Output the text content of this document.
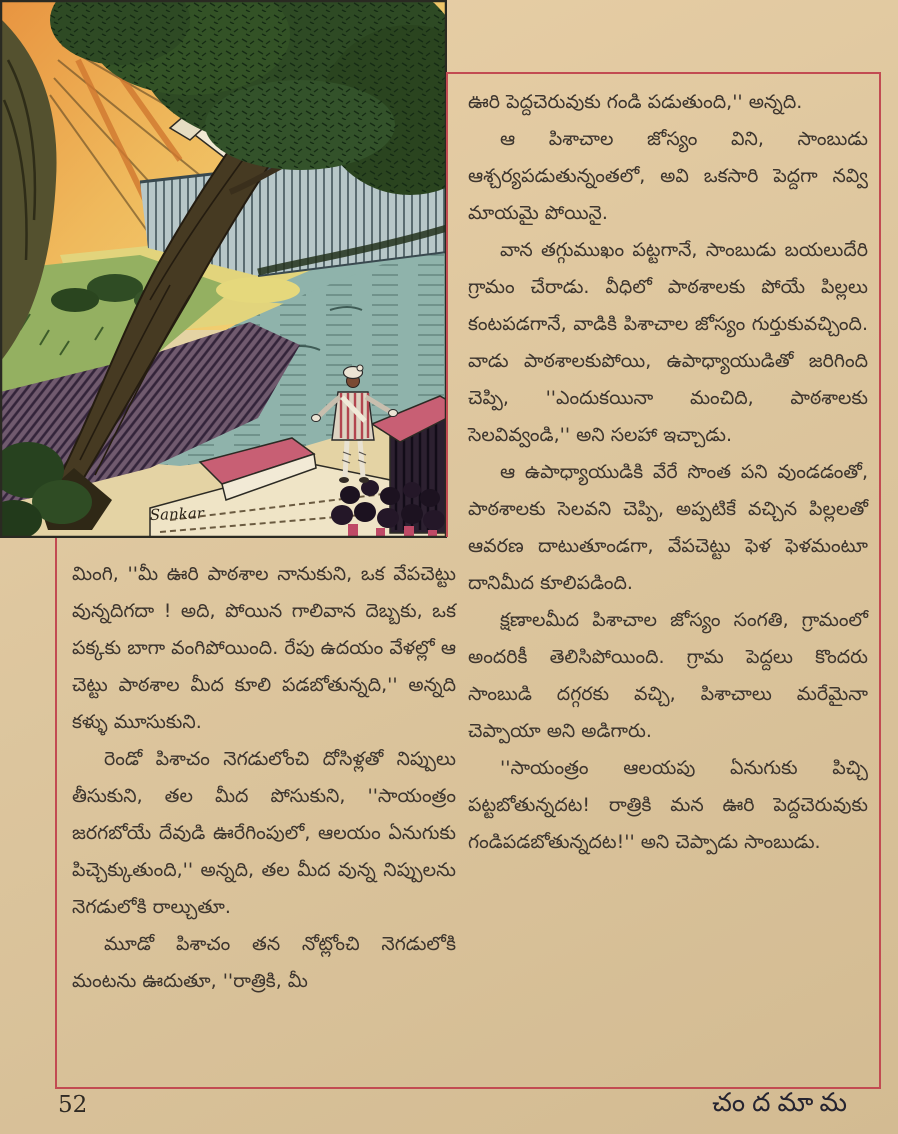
Sankar

మింగి, ''మీ ఊరి పాఠశాల నానుకుని, ఒక వేపచెట్టు వున్నదిగదా ! అది, పోయిన గాలివాన దెబ్బకు, ఒక పక్కకు బాగా వంగిపోయింది. రేపు ఉదయం వేళల్లో ఆ చెట్టు పాఠశాల మీద కూలి పడబోతున్నది,'' అన్నది కళ్ళు మూసుకుని.

రెండో పిశాచం నెగడులోంచి దోసిళ్లతో నిప్పులు తీసుకుని, తల మీద పోసుకుని, ''సాయంత్రం జరగబోయే దేవుడి ఊరేగింపులో, ఆలయం ఏనుగుకు పిచ్చెక్కుతుంది,'' అన్నది, తల మీద వున్న నిప్పులను నెగడులోకి రాల్చుతూ.

మూడో పిశాచం తన నోట్లోంచి నెగడులోకి మంటను ఊదుతూ, ''రాత్రికి, మీ

ఊరి పెద్దచెరువుకు గండి పడుతుంది,'' అన్నది.

ఆ పిశాచాల జోస్యం విని, సాంబుడు ఆశ్చర్యపడుతున్నంతలో, అవి ఒకసారి పెద్దగా నవ్వి మాయమై పోయినై.

వాన తగ్గుముఖం పట్టగానే, సాంబుడు బయలుదేరి గ్రామం చేరాడు. వీధిలో పాఠశాలకు పోయే పిల్లలు కంటపడగానే, వాడికి పిశాచాల జోస్యం గుర్తుకువచ్చింది. వాడు పాఠశాలకుపోయి, ఉపాధ్యాయుడితో జరిగింది చెప్పి, ''ఎందుకయినా మంచిది, పాఠశాలకు సెలవివ్వండి,'' అని సలహా ఇచ్చాడు.

ఆ ఉపాధ్యాయుడికి వేరే సొంత పని వుండడంతో, పాఠశాలకు సెలవని చెప్పి, అప్పటికే వచ్చిన పిల్లలతో ఆవరణ దాటుతూండగా, వేపచెట్టు ఫెళ ఫెళమంటూ దానిమీద కూలిపడింది.

క్షణాలమీద పిశాచాల జోస్యం సంగతి, గ్రామంలో అందరికీ తెలిసిపోయింది. గ్రామ పెద్దలు కొందరు సాంబుడి దగ్గరకు వచ్చి, పిశాచాలు మరేమైనా చెప్పాయా అని అడిగారు.

''సాయంత్రం ఆలయపు ఏనుగుకు పిచ్చి పట్టబోతున్నదట! రాత్రికి మన ఊరి పెద్దచెరువుకు గండిపడబోతున్నదట!'' అని చెప్పాడు సాంబుడు.

52	చందమామ
